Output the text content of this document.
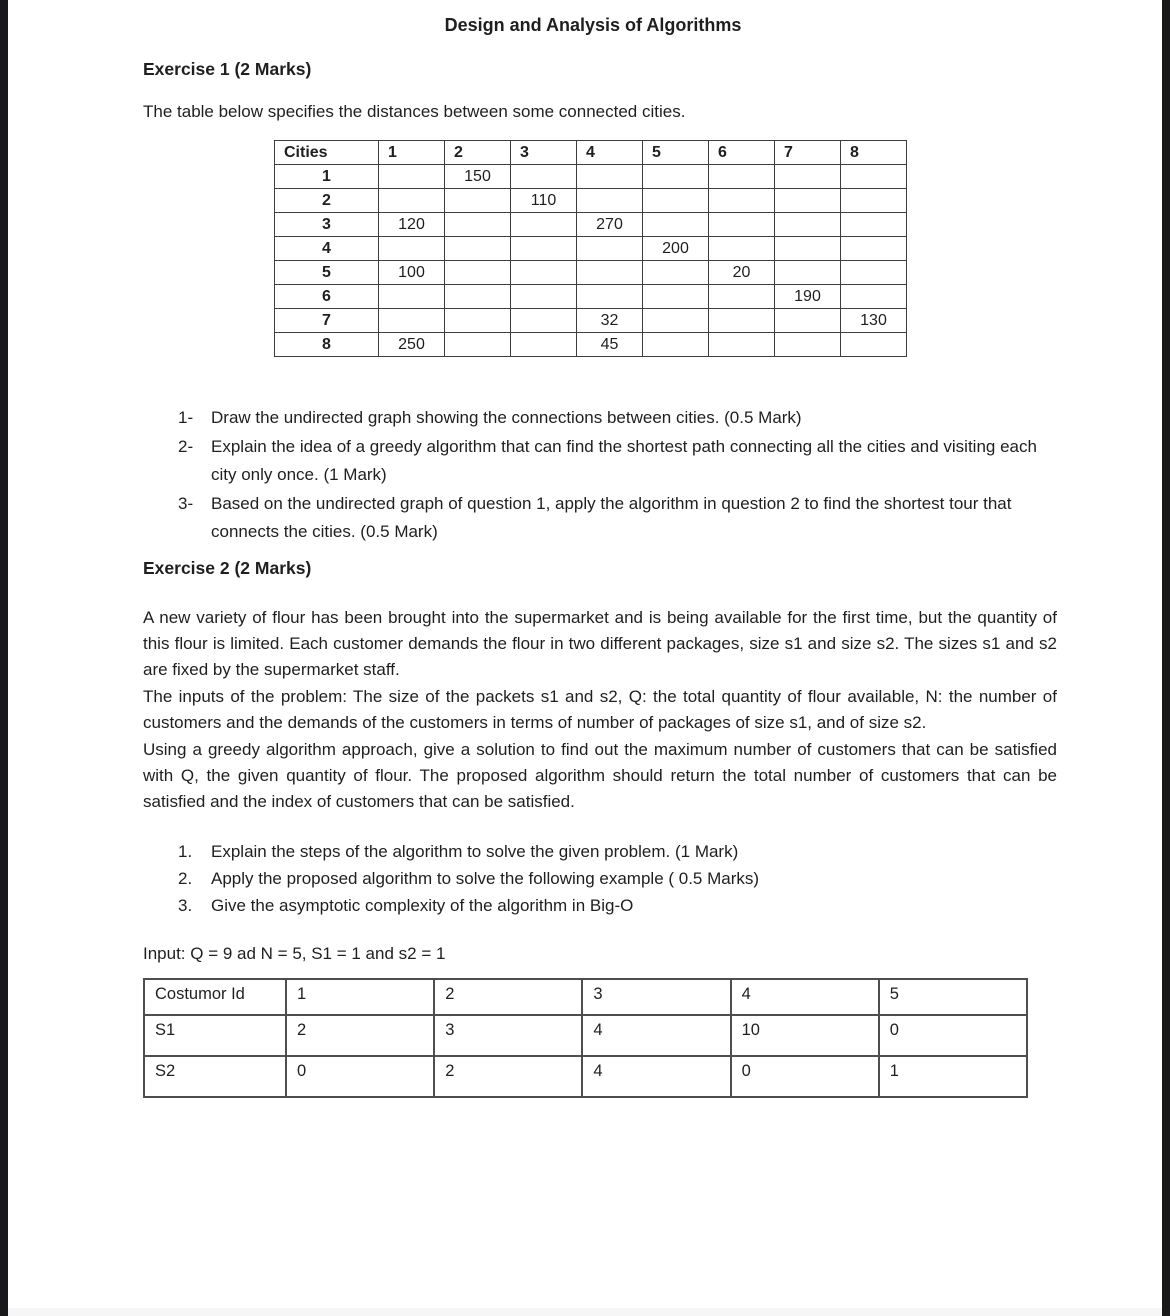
Design and Analysis of Algorithms
Exercise 1 (2 Marks)

The table below specifies the distances between some connected cities.

Cities	1	2	3	4	5	6	7	8
1		150						
2			110					
3	120			270				
4					200			
5	100					20		
6							190	
7				32				130
8	250			45				
1-	Draw the undirected graph showing the connections between cities. (0.5 Mark)
2-	Explain the idea of a greedy algorithm that can find the shortest path connecting all the cities and visiting each city only once. (1 Mark)
3-	Based on the undirected graph of question 1, apply the algorithm in question 2 to find the shortest tour that connects the cities. (0.5 Mark)
Exercise 2 (2 Marks)

A new variety of flour has been brought into the supermarket and is being available for the first time, but the quantity of this flour is limited. Each customer demands the flour in two different packages, size s1 and size s2. The sizes s1 and s2 are fixed by the supermarket staff.

The inputs of the problem: The size of the packets s1 and s2, Q: the total quantity of flour available, N: the number of customers and the demands of the customers in terms of number of packages of size s1, and of size s2.

Using a greedy algorithm approach, give a solution to find out the maximum number of customers that can be satisfied with Q, the given quantity of flour. The proposed algorithm should return the total number of customers that can be satisfied and the index of customers that can be satisfied.

1.	Explain the steps of the algorithm to solve the given problem. (1 Mark)
2.	Apply the proposed algorithm to solve the following example ( 0.5 Marks)
3.	Give the asymptotic complexity of the algorithm in Big-O

Input: Q = 9 ad N = 5, S1 = 1 and s2 = 1

Costumor Id	1	2	3	4	5
S1	2	3	4	10	0
S2	0	2	4	0	1
